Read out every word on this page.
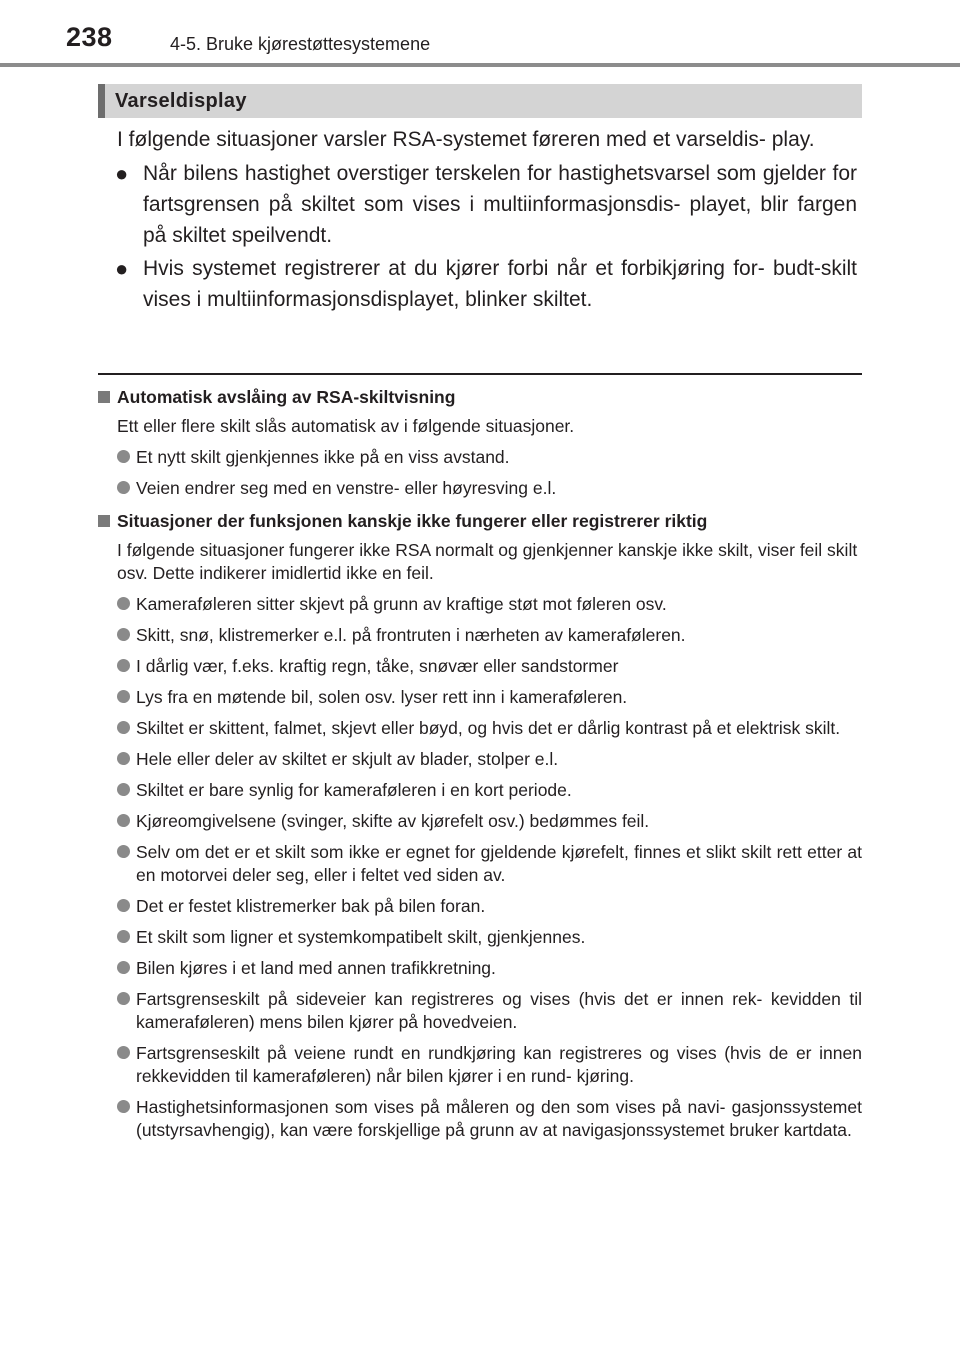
238	4-5. Bruke kjørestøttesystemene
Varseldisplay

I følgende situasjoner varsler RSA-systemet føreren med et varseldis- play.

● Når bilens hastighet overstiger terskelen for hastighetsvarsel som gjelder for fartsgrensen på skiltet som vises i multiinformasjonsdis- playet, blir fargen på skiltet speilvendt.
● Hvis systemet registrerer at du kjører forbi når et forbikjøring for- budt-skilt vises i multiinformasjonsdisplayet, blinker skiltet.
Automatisk avslåing av RSA-skiltvisning
Ett eller flere skilt slås automatisk av i følgende situasjoner.
Et nytt skilt gjenkjennes ikke på en viss avstand.
Veien endrer seg med en venstre- eller høyresving e.l.
Situasjoner der funksjonen kanskje ikke fungerer eller registrerer riktig
I følgende situasjoner fungerer ikke RSA normalt og gjenkjenner kanskje ikke skilt, viser feil skilt osv. Dette indikerer imidlertid ikke en feil.
Kameraføleren sitter skjevt på grunn av kraftige støt mot føleren osv.
Skitt, snø, klistremerker e.l. på frontruten i nærheten av kameraføleren.
I dårlig vær, f.eks. kraftig regn, tåke, snøvær eller sandstormer
Lys fra en møtende bil, solen osv. lyser rett inn i kameraføleren.
Skiltet er skittent, falmet, skjevt eller bøyd, og hvis det er dårlig kontrast på et elektrisk skilt.
Hele eller deler av skiltet er skjult av blader, stolper e.l.
Skiltet er bare synlig for kameraføleren i en kort periode.
Kjøreomgivelsene (svinger, skifte av kjørefelt osv.) bedømmes feil.
Selv om det er et skilt som ikke er egnet for gjeldende kjørefelt, finnes et slikt skilt rett etter at en motorvei deler seg, eller i feltet ved siden av.
Det er festet klistremerker bak på bilen foran.
Et skilt som ligner et systemkompatibelt skilt, gjenkjennes.
Bilen kjøres i et land med annen trafikkretning.
Fartsgrenseskilt på sideveier kan registreres og vises (hvis det er innen rek- kevidden til kameraføleren) mens bilen kjører på hovedveien.
Fartsgrenseskilt på veiene rundt en rundkjøring kan registreres og vises (hvis de er innen rekkevidden til kameraføleren) når bilen kjører i en rund- kjøring.
Hastighetsinformasjonen som vises på måleren og den som vises på navi- gasjonssystemet (utstyrsavhengig), kan være forskjellige på grunn av at navigasjonssystemet bruker kartdata.
